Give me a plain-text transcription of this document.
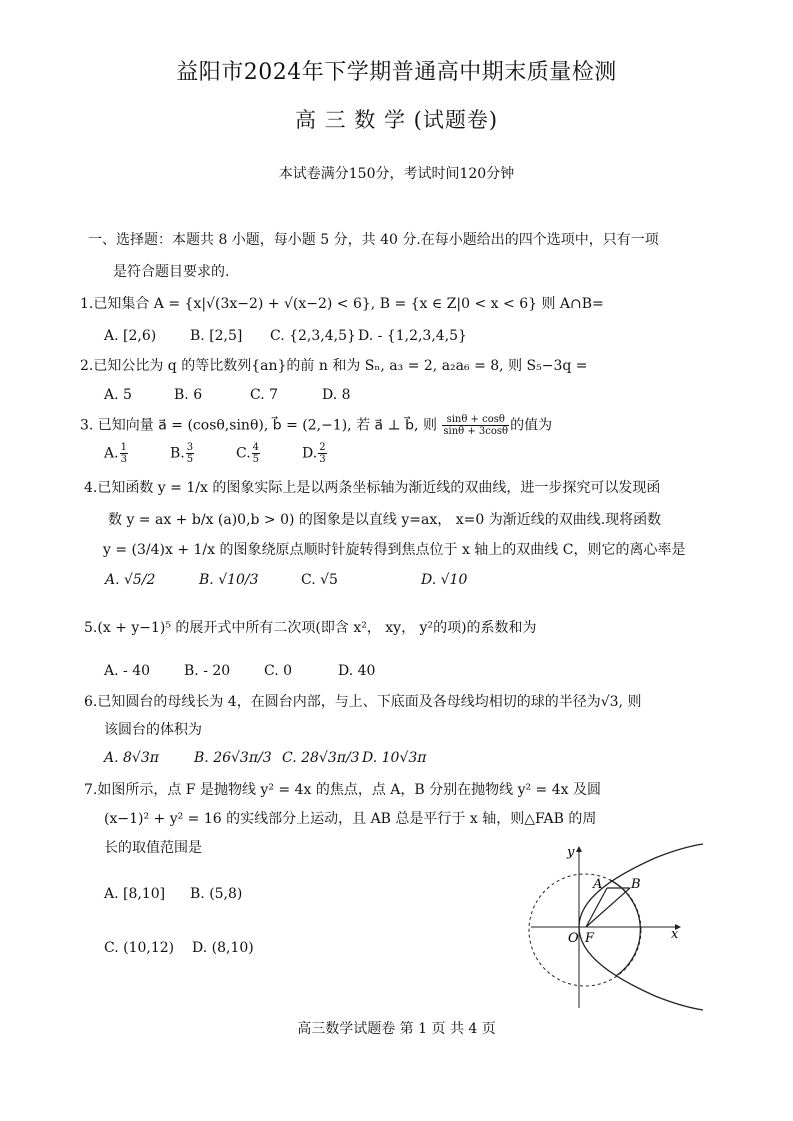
益阳市2024年下学期普通高中期末质量检测
高 三 数 学 (试题卷)
本试卷满分150分，考试时间120分钟
一、选择题：本题共 8 小题，每小题 5 分，共 40 分.在每小题给出的四个选项中，只有一项
是符合题目要求的.
1.已知集合 A = {x|√(3x−2) + √(x−2) < 6}, B = {x ∈ Z|0 < x < 6} 则 A∩B=
A. [2,6) B. [2,5] C. {2,3,4,5} D. - {1,2,3,4,5}
2.已知公比为 q 的等比数列{an}的前 n 和为 Sₙ, a₃ = 2, a₂a₆ = 8, 则 S₅−3q =
A. 5	B. 6	C. 7	D. 8
3. 已知向量 a⃗ = (cosθ,sinθ), b⃗ = (2,−1), 若 a⃗ ⊥ b⃗, 则 $\frac{\sin\theta + \cos\theta}{\sin\theta + 3\cos\theta}$ 的值为
A. $\frac{1}{3}$	B. $\frac{3}{5}$	C. $\frac{4}{5}$	D. $\frac{2}{3}$
4.已知函数 y = 1/x 的图象实际上是以两条坐标轴为渐近线的双曲线，进一步探究可以发现函
数 y = ax + b/x (a)0,b > 0) 的图象是以直线 y=ax， x=0 为渐近线的双曲线.现将函数
y = (3/4)x + 1/x 的图象绕原点顺时针旋转得到焦点位于 x 轴上的双曲线 C，则它的离心率是
A. √5/2	B. √10/3	C. √5	D. √10
5.(x + y−1)⁵ 的展开式中所有二次项(即含 x²， xy， y²的项)的系数和为
A. - 40 B. - 20 C. 0	D. 40
6.已知圆台的母线长为 4，在圆台内部，与上、下底面及各母线均相切的球的半径为√3, 则
该圆台的体积为
A. 8√3π	B. 26√3π/3 C. 28√3π/3 D. 10√3π
7.如图所示，点 F 是抛物线 y² = 4x 的焦点，点 A，B 分别在抛物线 y² = 4x 及圆
(x−1)² + y² = 16 的实线部分上运动，且 AB 总是平行于 x 轴，则△FAB 的周
长的取值范围是
A. [8,10] B. (5,8)
C. (10,12) D. (8,10)
y
x
O F
A B
高三数学试题卷 第 1 页 共 4 页
